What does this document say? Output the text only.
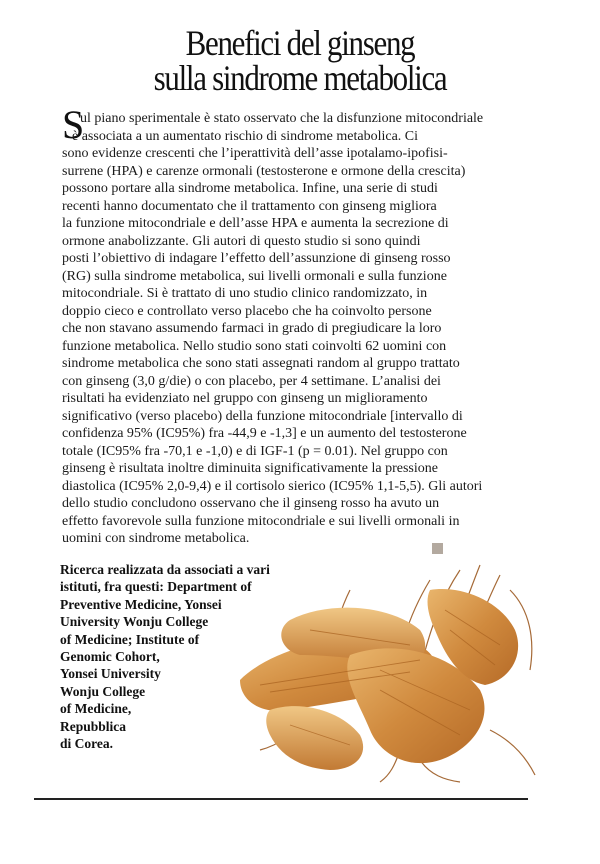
Benefici del ginseng
sulla sindrome metabolica
S
ul piano sperimentale è stato osservato che la disfunzione mitocondriale
è associata a un aumentato rischio di sindrome metabolica. Ci
sono evidenze crescenti che l’iperattività dell’asse ipotalamo-ipofisi-
surrene (HPA) e carenze ormonali (testosterone e ormone della crescita)
possono portare alla sindrome metabolica. Infine, una serie di studi
recenti hanno documentato che il trattamento con ginseng migliora
la funzione mitocondriale e dell’asse HPA e aumenta la secrezione di
ormone anabolizzante. Gli autori di questo studio si sono quindi
posti l’obiettivo di indagare l’effetto dell’assunzione di ginseng rosso
(RG) sulla sindrome metabolica, sui livelli ormonali e sulla funzione
mitocondriale. Si è trattato di uno studio clinico randomizzato, in
doppio cieco e controllato verso placebo che ha coinvolto persone
che non stavano assumendo farmaci in grado di pregiudicare la loro
funzione metabolica. Nello studio sono stati coinvolti 62 uomini con
sindrome metabolica che sono stati assegnati random al gruppo trattato
con ginseng (3,0 g/die) o con placebo, per 4 settimane. L’analisi dei
risultati ha evidenziato nel gruppo con ginseng un miglioramento
significativo (verso placebo) della funzione mitocondriale [intervallo di
confidenza 95% (IC95%) fra -44,9 e -1,3] e un aumento del testosterone
totale (IC95% fra -70,1 e -1,0) e di IGF-1 (p = 0.01). Nel gruppo con
ginseng è risultata inoltre diminuita significativamente la pressione
diastolica (IC95% 2,0-9,4) e il cortisolo sierico (IC95% 1,1-5,5). Gli autori
dello studio concludono osservano che il ginseng rosso ha avuto un
effetto favorevole sulla funzione mitocondriale e sui livelli ormonali in
uomini con sindrome metabolica.
Ricerca realizzata da associati a vari
istituti, fra questi: Department of
Preventive Medicine, Yonsei
University Wonju College
of Medicine; Institute of
Genomic Cohort,
Yonsei University
Wonju College
of Medicine,
Repubblica
di Corea.
